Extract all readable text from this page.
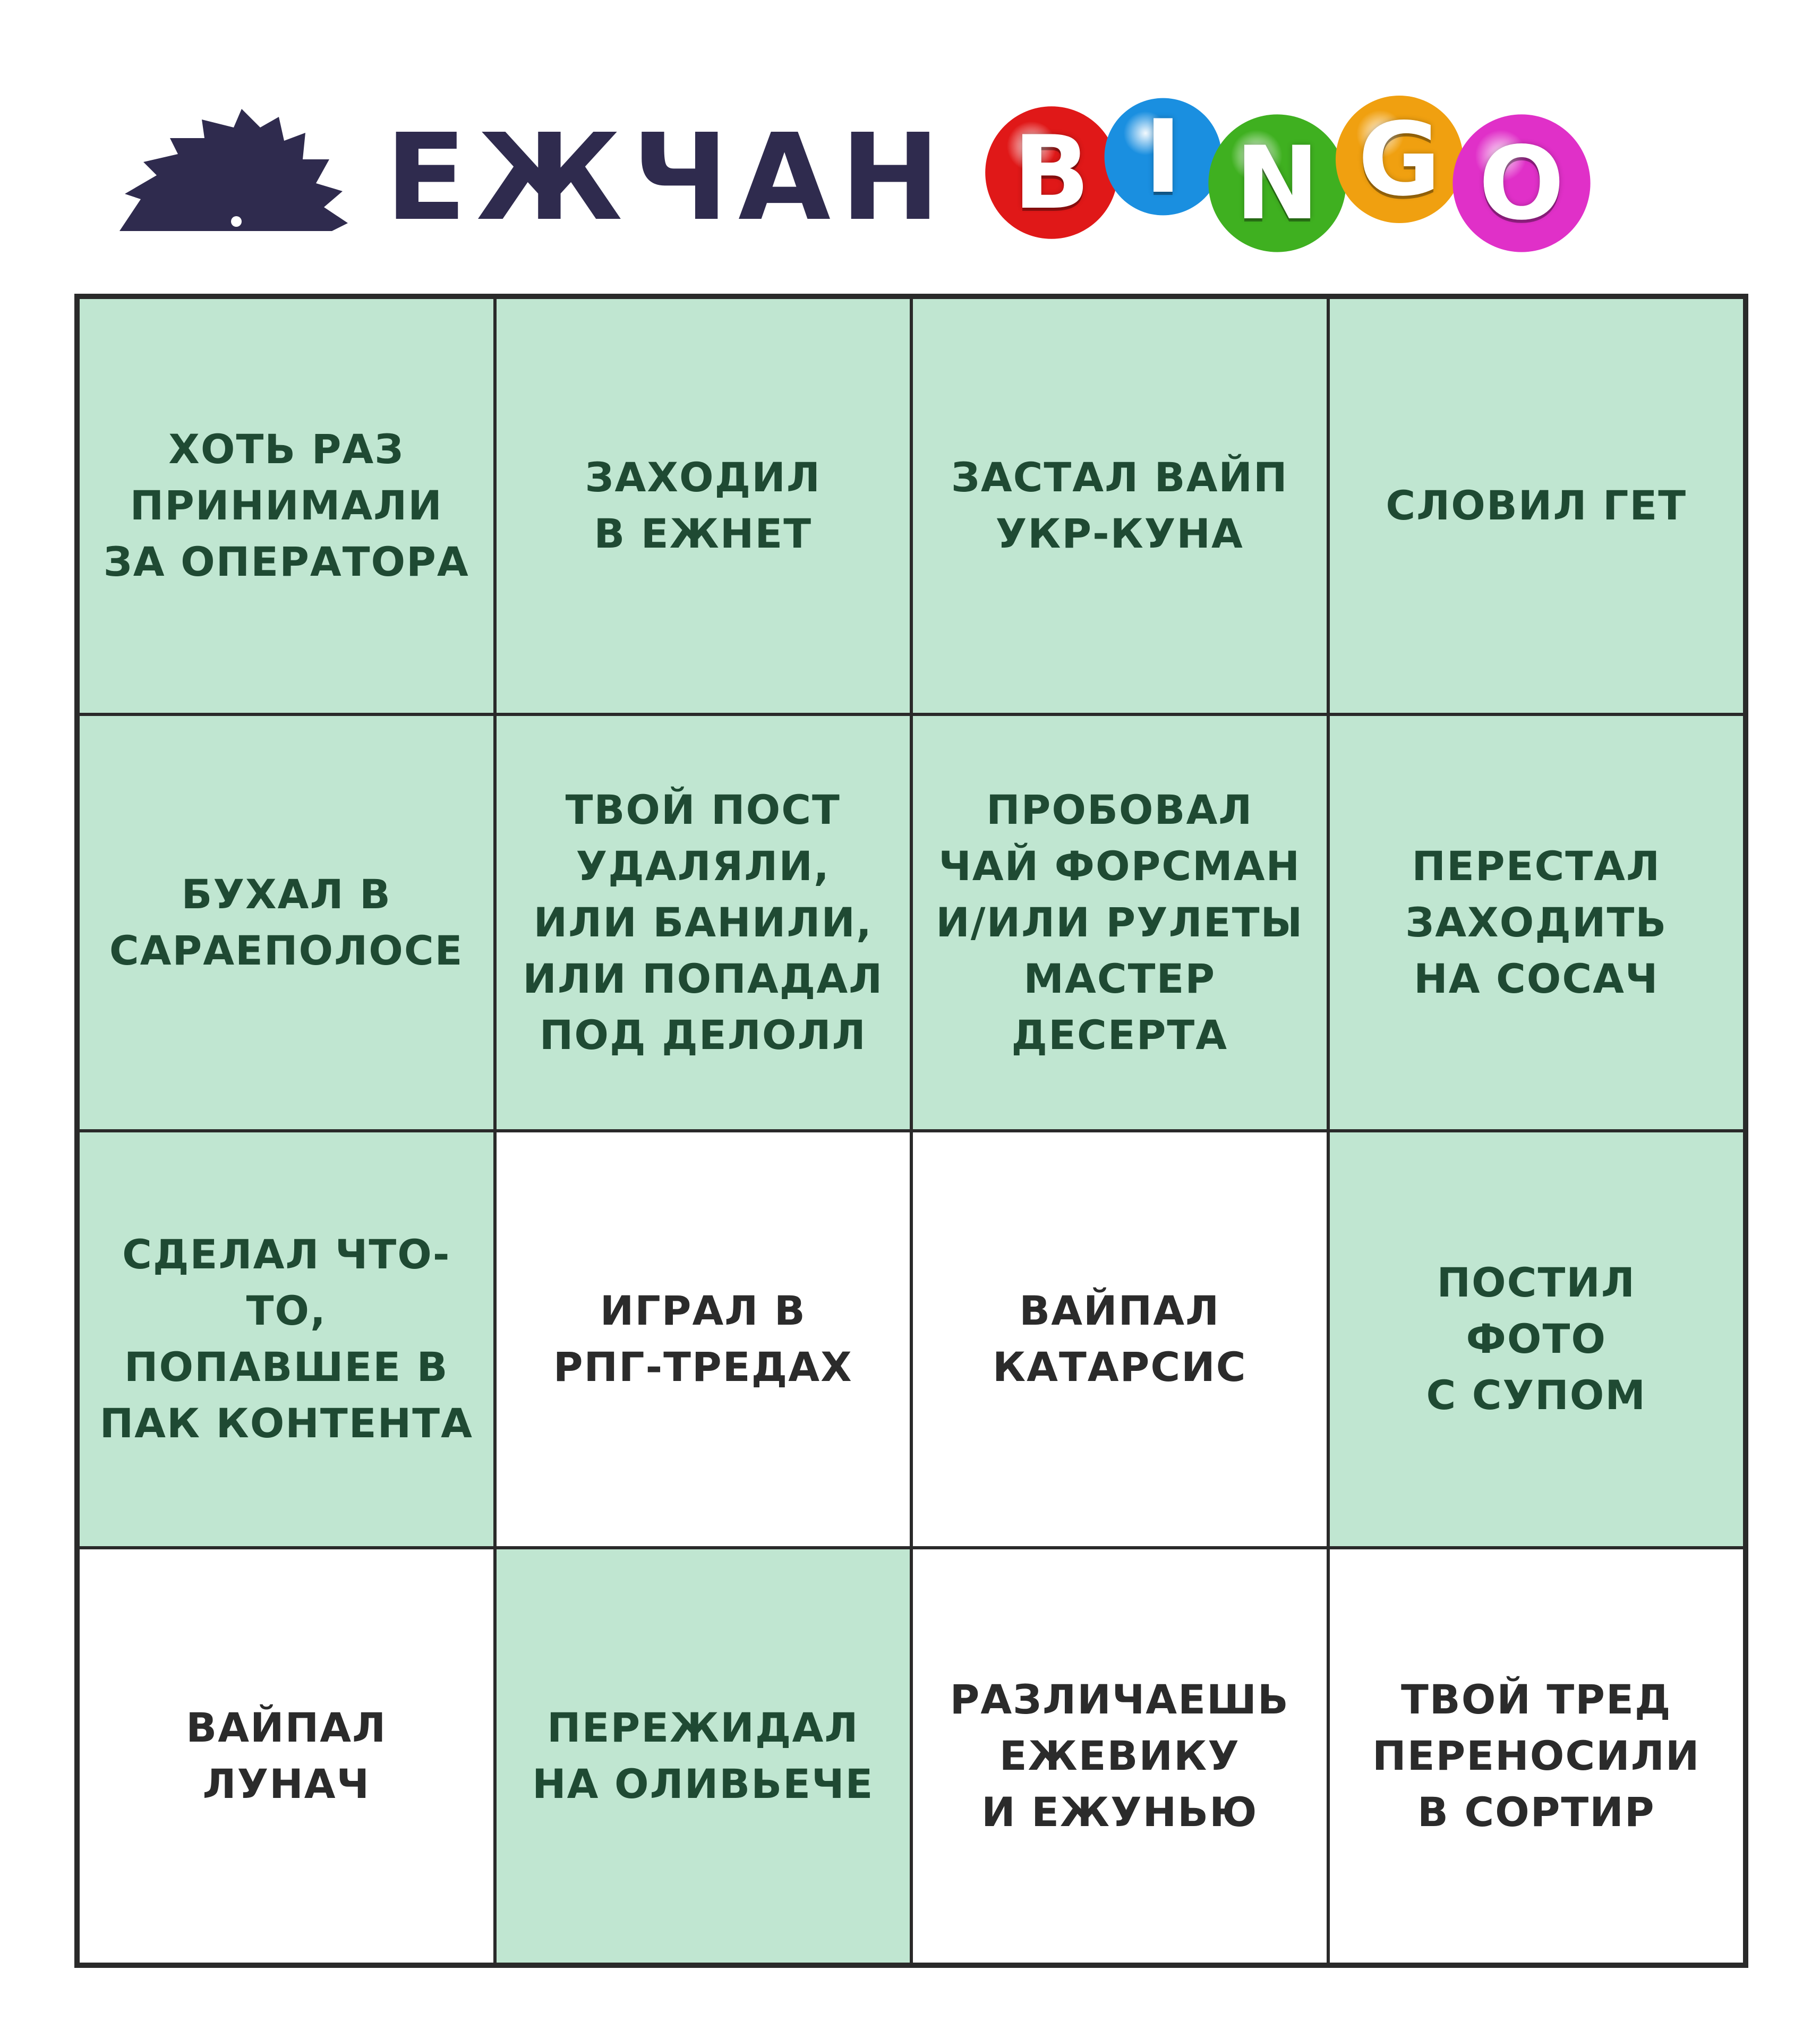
ЕЖЧАН B I N G O
ХОТЬ РАЗ
ПРИНИМАЛИ
ЗА ОПЕРАТОРА
ЗАХОДИЛ
В ЕЖНЕТ
ЗАСТАЛ ВАЙП
УКР-КУНА
СЛОВИЛ ГЕТ
БУХАЛ В
САРАЕПОЛОСЕ
ТВОЙ ПОСТ
УДАЛЯЛИ,
ИЛИ БАНИЛИ,
ИЛИ ПОПАДАЛ
ПОД ДЕЛОЛЛ
ПРОБОВАЛ
ЧАЙ ФОРСМАН
И/ИЛИ РУЛЕТЫ
МАСТЕР
ДЕСЕРТА
ПЕРЕСТАЛ
ЗАХОДИТЬ
НА СОСАЧ
СДЕЛАЛ ЧТО-ТО,
ПОПАВШЕЕ В
ПАК КОНТЕНТА
ИГРАЛ В
РПГ-ТРЕДАХ
ВАЙПАЛ
КАТАРСИС
ПОСТИЛ
ФОТО
С СУПОМ
ВАЙПАЛ
ЛУНАЧ
ПЕРЕЖИДАЛ
НА ОЛИВЬЕЧЕ
РАЗЛИЧАЕШЬ
ЕЖЕВИКУ
И ЕЖУНЬЮ
ТВОЙ ТРЕД
ПЕРЕНОСИЛИ
В СОРТИР
